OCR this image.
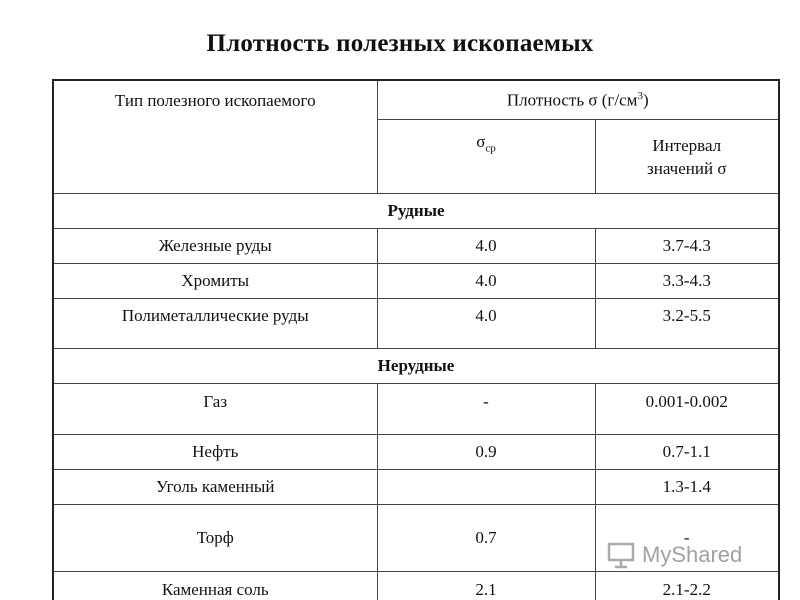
Плотность полезных ископаемых
Тип полезного ископаемого	Плотность σ $(г/см^3)$	
	$\sigma_{ср}$	Интервал
значений σ

Рудные		
Железные руды	4.0	3.7-4.3
Хромиты	4.0	3.3-4.3
Полиметаллические руды	4.0	3.2-5.5
Нерудные		
Газ	-	0.001-0.002
Нефть	0.9	0.7-1.1
Уголь каменный		1.3-1.4
Торф	0.7	-
Каменная соль	2.1	2.1-2.2
MyShared
